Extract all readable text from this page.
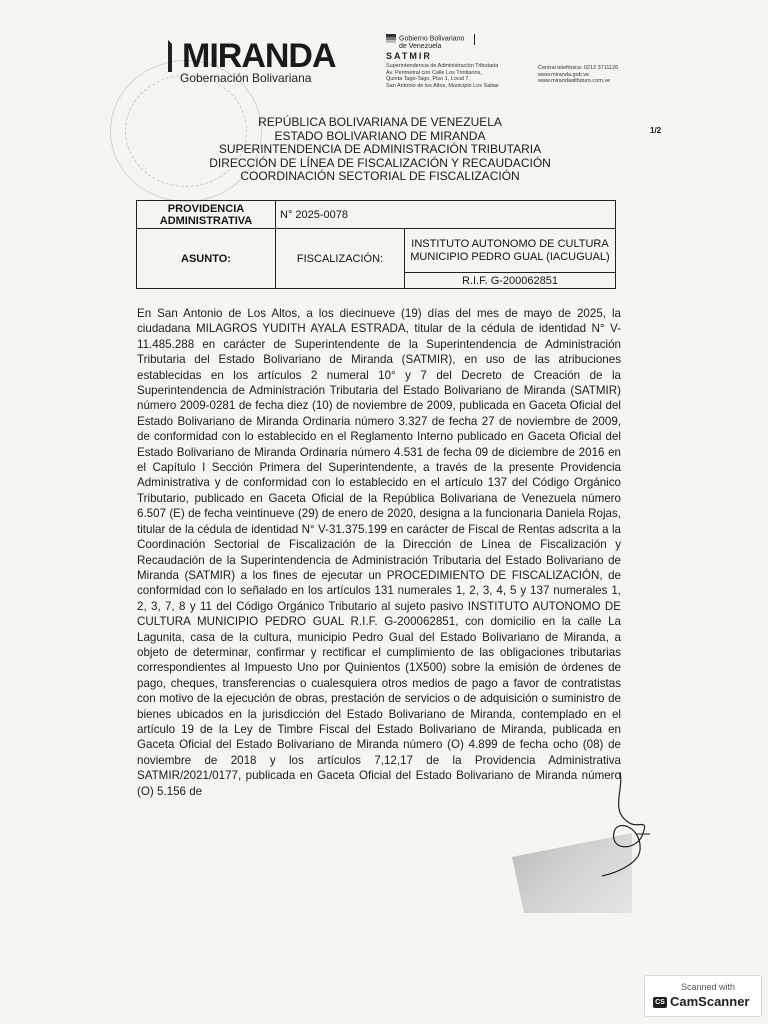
MIRANDA
Gobernación Bolivariana
Gobierno Bolivariano
de Venezuela
SATMIR
Superintendencia de Administración Tributaria
Av. Perimetral con Calle Los Trinitarios,
Quinta Tago-Tago, Piso 1, Local 7,
San Antonio de los Altos, Municipio Los Salias
Central telefónica: 0212 3711126
www.miranda.gob.ve
www.mirandaaltfuturo.com.ve
1/2
REPÚBLICA BOLIVARIANA DE VENEZUELA
ESTADO BOLIVARIANO DE MIRANDA
SUPERINTENDENCIA DE ADMINISTRACIÓN TRIBUTARIA
DIRECCIÓN DE LÍNEA DE FISCALIZACIÓN Y RECAUDACIÓN
COORDINACIÓN SECTORIAL DE FISCALIZACIÓN
PROVIDENCIA
ADMINISTRATIVA	N° 2025-0078	
ASUNTO:	FISCALIZACIÓN:	INSTITUTO AUTONOMO DE CULTURA MUNICIPIO PEDRO GUAL (IACUGUAL)
		R.I.F. G-200062851
En San Antonio de Los Altos, a los diecinueve (19) días del mes de mayo de 2025, la ciudadana MILAGROS YUDITH AYALA ESTRADA, titular de la cédula de identidad N° V-11.485.288 en carácter de Superintendente de la Superintendencia de Administración Tributaria del Estado Bolivariano de Miranda (SATMIR), en uso de las atribuciones establecidas en los artículos 2 numeral 10° y 7 del Decreto de Creación de la Superintendencia de Administración Tributaria del Estado Bolivariano de Miranda (SATMIR) número 2009-0281 de fecha diez (10) de noviembre de 2009, publicada en Gaceta Oficial del Estado Bolivariano de Miranda Ordinaria número 3.327 de fecha 27 de noviembre de 2009, de conformidad con lo establecido en el Reglamento Interno publicado en Gaceta Oficial del Estado Bolivariano de Miranda Ordinaria número 4.531 de fecha 09 de diciembre de 2016 en el Capítulo I Sección Primera del Superintendente, a través de la presente Providencia Administrativa y de conformidad con lo establecido en el artículo 137 del Código Orgánico Tributario, publicado en Gaceta Oficial de la República Bolivariana de Venezuela número 6.507 (E) de fecha veintinueve (29) de enero de 2020, designa a la funcionaria Daniela Rojas, titular de la cédula de identidad N° V-31.375.199 en carácter de Fiscal de Rentas adscrita a la Coordinación Sectorial de Fiscalización de la Dirección de Línea de Fiscalización y Recaudación de la Superintendencia de Administración Tributaria del Estado Bolivariano de Miranda (SATMIR) a los fines de ejecutar un PROCEDIMIENTO DE FISCALIZACIÓN, de conformidad con lo señalado en los artículos 131 numerales 1, 2, 3, 4, 5 y 137 numerales 1, 2, 3, 7, 8 y 11 del Código Orgánico Tributario al sujeto pasivo INSTITUTO AUTONOMO DE CULTURA MUNICIPIO PEDRO GUAL R.I.F. G-200062851, con domicilio en la calle La Lagunita, casa de la cultura, municipio Pedro Gual del Estado Bolivariano de Miranda, a objeto de determinar, confirmar y rectificar el cumplimiento de las obligaciones tributarias correspondientes al Impuesto Uno por Quinientos (1X500) sobre la emisión de órdenes de pago, cheques, transferencias o cualesquiera otros medios de pago a favor de contratistas con motivo de la ejecución de obras, prestación de servicios o de adquisición o suministro de bienes ubicados en la jurisdicción del Estado Bolivariano de Miranda, contemplado en el artículo 19 de la Ley de Timbre Fiscal del Estado Bolivariano de Miranda, publicada en Gaceta Oficial del Estado Bolivariano de Miranda número (O) 4.899 de fecha ocho (08) de noviembre de 2018 y los artículos 7,12,17 de la Providencia Administrativa SATMIR/2021/0177, publicada en Gaceta Oficial del Estado Bolivariano de Miranda número (O) 5.156 de
Scanned with
CS CamScanner
